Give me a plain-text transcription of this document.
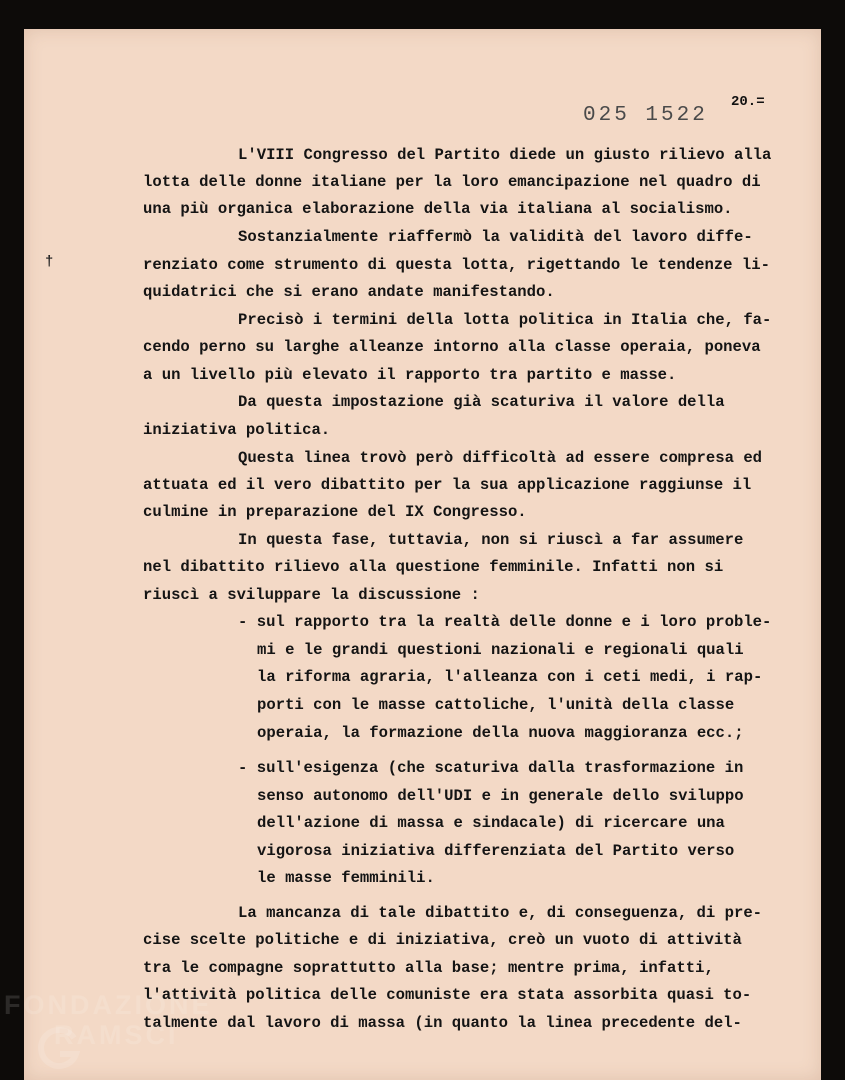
025 1522
20.=
†
L'VIII Congresso del Partito diede un giusto rilievo alla
lotta delle donne italiane per la loro emancipazione nel quadro di
una più organica elaborazione della via italiana al socialismo.
Sostanzialmente riaffermò la validità del lavoro diffe-
renziato come strumento di questa lotta, rigettando le tendenze li-
quidatrici che si erano andate manifestando.
Precisò i termini della lotta politica in Italia che, fa-
cendo perno su larghe alleanze intorno alla classe operaia, poneva
a un livello più elevato il rapporto tra partito e masse.
Da questa impostazione già scaturiva il valore della
iniziativa politica.
Questa linea trovò però difficoltà ad essere compresa ed
attuata ed il vero dibattito per la sua applicazione raggiunse il
culmine in preparazione del IX Congresso.
In questa fase, tuttavia, non si riuscì a far assumere
nel dibattito rilievo alla questione femminile. Infatti non si
riuscì a sviluppare la discussione :
- sul rapporto tra la realtà delle donne e i loro proble-
mi e le grandi questioni nazionali e regionali quali
la riforma agraria, l'alleanza con i ceti medi, i rap-
porti con le masse cattoliche, l'unità della classe
operaia, la formazione della nuova maggioranza ecc.;
- sull'esigenza (che scaturiva dalla trasformazione in
senso autonomo dell'UDI e in generale dello sviluppo
dell'azione di massa e sindacale) di ricercare una
vigorosa iniziativa differenziata del Partito verso
le masse femminili.
La mancanza di tale dibattito e, di conseguenza, di pre-
cise scelte politiche e di iniziativa, creò un vuoto di attività
tra le compagne soprattutto alla base; mentre prima, infatti,
l'attività politica delle comuniste era stata assorbita quasi to-
talmente dal lavoro di massa (in quanto la linea precedente del-
